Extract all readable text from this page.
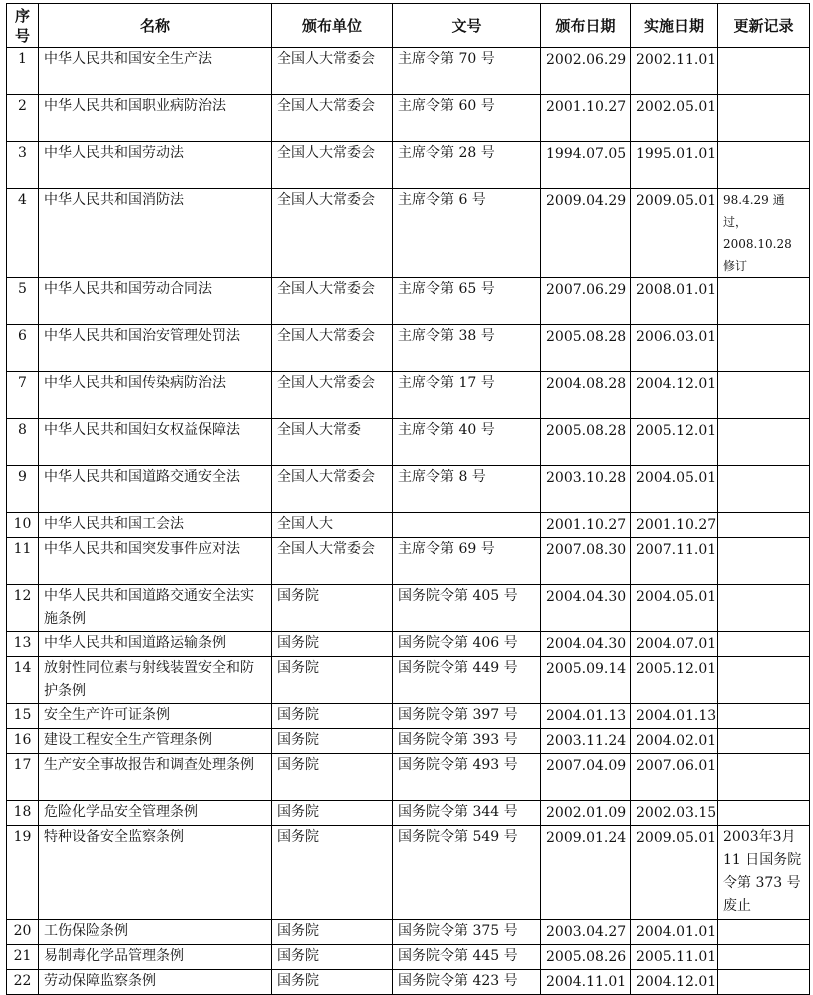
序号	名称	颁布单位	文号	颁布日期	实施日期	更新记录
1	中华人民共和国安全生产法	全国人大常委会	主席令第 70 号	2002.06.29	2002.11.01	
2	中华人民共和国职业病防治法	全国人大常委会	主席令第 60 号	2001.10.27	2002.05.01	
3	中华人民共和国劳动法	全国人大常委会	主席令第 28 号	1994.07.05	1995.01.01	
4	中华人民共和国消防法	全国人大常委会	主席令第 6 号	2009.04.29	2009.05.01	98.4.29 通过，2008.10.28 修订
5	中华人民共和国劳动合同法	全国人大常委会	主席令第 65 号	2007.06.29	2008.01.01	
6	中华人民共和国治安管理处罚法	全国人大常委会	主席令第 38 号	2005.08.28	2006.03.01	
7	中华人民共和国传染病防治法	全国人大常委会	主席令第 17 号	2004.08.28	2004.12.01	
8	中华人民共和国妇女权益保障法	全国人大常委	主席令第 40 号	2005.08.28	2005.12.01	
9	中华人民共和国道路交通安全法	全国人大常委会	主席令第 8 号	2003.10.28	2004.05.01	
10	中华人民共和国工会法	全国人大		2001.10.27	2001.10.27	
11	中华人民共和国突发事件应对法	全国人大常委会	主席令第 69 号	2007.08.30	2007.11.01	
12	中华人民共和国道路交通安全法实施条例	国务院	国务院令第 405 号	2004.04.30	2004.05.01	
13	中华人民共和国道路运输条例	国务院	国务院令第 406 号	2004.04.30	2004.07.01	
14	放射性同位素与射线装置安全和防护条例	国务院	国务院令第 449 号	2005.09.14	2005.12.01	
15	安全生产许可证条例	国务院	国务院令第 397 号	2004.01.13	2004.01.13	
16	建设工程安全生产管理条例	国务院	国务院令第 393 号	2003.11.24	2004.02.01	
17	生产安全事故报告和调查处理条例	国务院	国务院令第 493 号	2007.04.09	2007.06.01	
18	危险化学品安全管理条例	国务院	国务院令第 344 号	2002.01.09	2002.03.15	
19	特种设备安全监察条例	国务院	国务院令第 549 号	2009.01.24	2009.05.01	2003年3月11 日国务院令第 373 号废止
20	工伤保险条例	国务院	国务院令第 375 号	2003.04.27	2004.01.01	
21	易制毒化学品管理条例	国务院	国务院令第 445 号	2005.08.26	2005.11.01	
22	劳动保障监察条例	国务院	国务院令第 423 号	2004.11.01	2004.12.01	
